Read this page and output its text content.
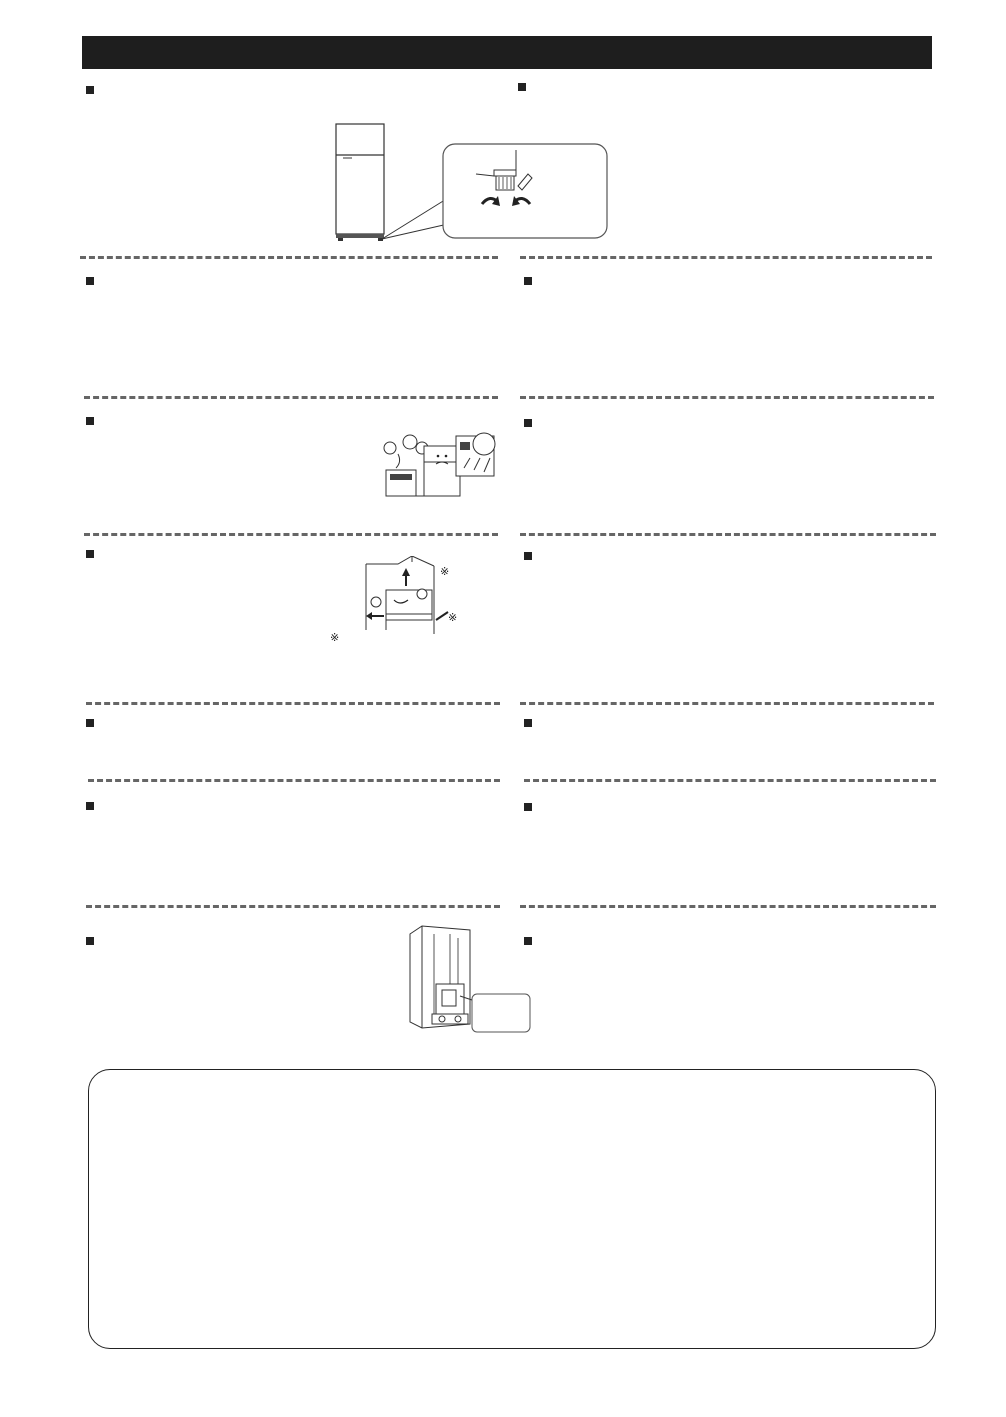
※
※
※
